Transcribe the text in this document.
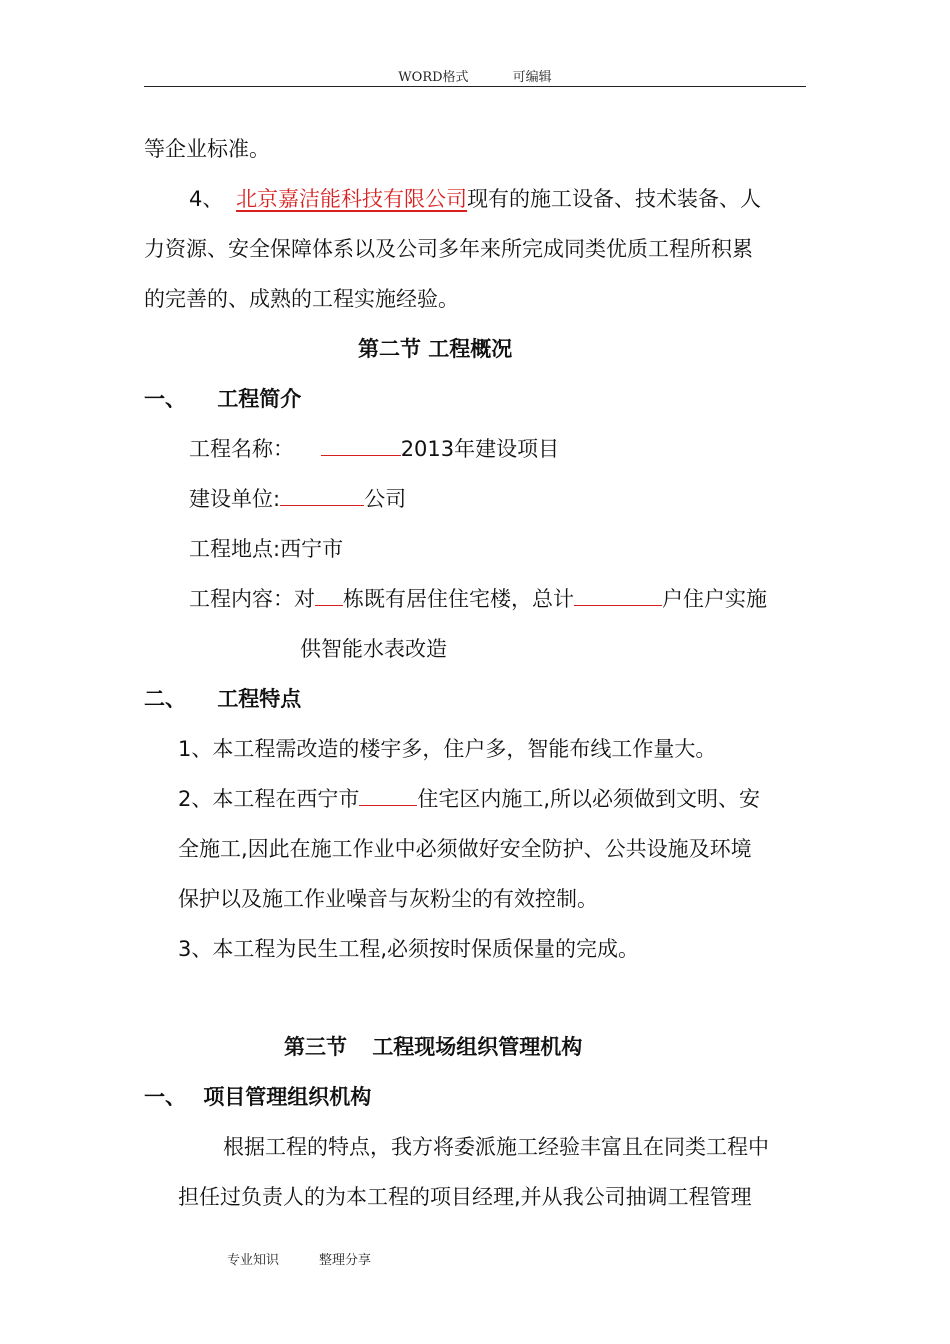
WORD格式	可编辑
等企业标准。
4、 北京嘉洁能科技有限公司现有的施工设备、技术装备、人
力资源、安全保障体系以及公司多年来所完成同类优质工程所积累
的完善的、成熟的工程实施经验。
第二节 工程概况
一、 工程简介
工程名称：	2013年建设项目
建设单位:	公司
工程地点:西宁市
工程内容：对 栋既有居住住宅楼，总计	户住户实施
供智能水表改造
二、 工程特点
1、本工程需改造的楼宇多，住户多，智能布线工作量大。
2、本工程在西宁市	住宅区内施工,所以必须做到文明、安
全施工,因此在施工作业中必须做好安全防护、公共设施及环境
保护以及施工作业噪音与灰粉尘的有效控制。
3、本工程为民生工程,必须按时保质保量的完成。
第三节 工程现场组织管理机构
一、 项目管理组织机构
根据工程的特点，我方将委派施工经验丰富且在同类工程中
担任过负责人的为本工程的项目经理,并从我公司抽调工程管理
专业知识	整理分享
